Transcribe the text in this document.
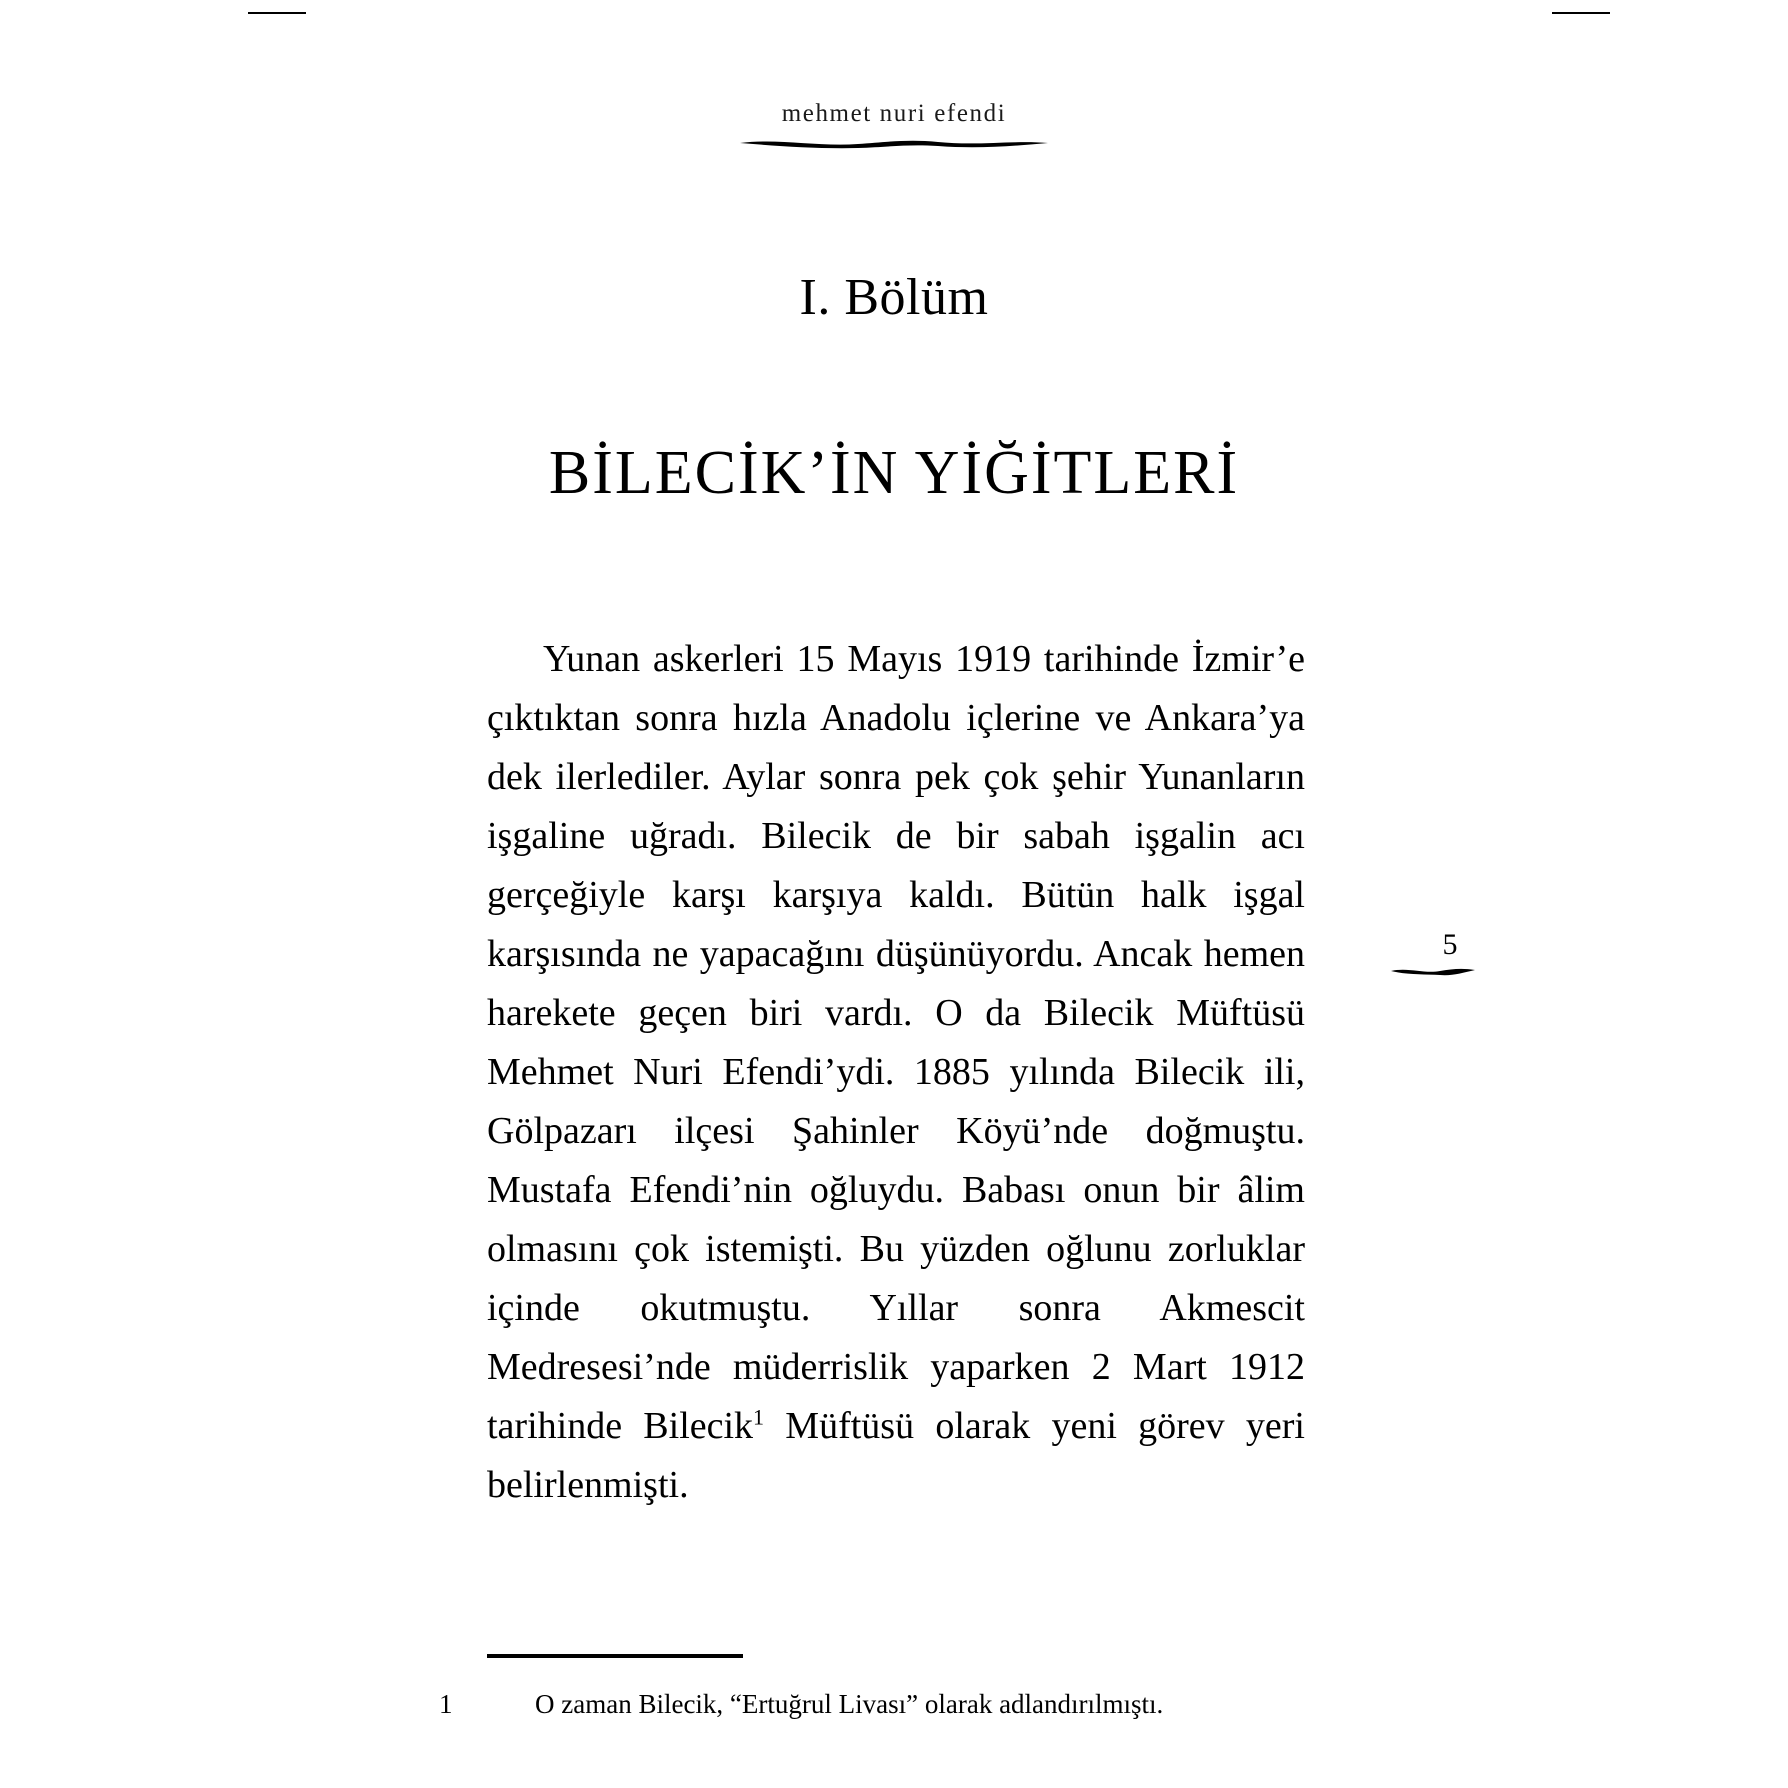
mehmet nuri efendi
I. Bölüm
BİLECİK’İN YİĞİTLERİ

Yunan askerleri 15 Mayıs 1919 tarihinde İzmir’e çıktıktan sonra hızla Anadolu içlerine ve Ankara’ya dek ilerlediler. Aylar sonra pek çok şehir Yunanların işgaline uğradı. Bilecik de bir sabah işgalin acı gerçeğiyle karşı karşıya kaldı. Bütün halk işgal karşısında ne yapacağını düşünüyordu. Ancak hemen harekete geçen biri vardı. O da Bilecik Müftüsü Mehmet Nuri Efendi’ydi. 1885 yılında Bilecik ili, Gölpazarı ilçesi Şahinler Köyü’nde doğmuştu. Mustafa Efendi’nin oğluydu. Babası onun bir âlim olmasını çok istemişti. Bu yüzden oğlunu zorluklar içinde okutmuştu. Yıllar sonra Akmescit Medresesi’nde müderrislik yaparken 2 Mart 1912 tarihinde Bilecik$^1$ Müftüsü olarak yeni görev yeri belirlenmişti.

1	O zaman Bilecik, “Ertuğrul Livası” olarak adlandırılmıştı.
5
